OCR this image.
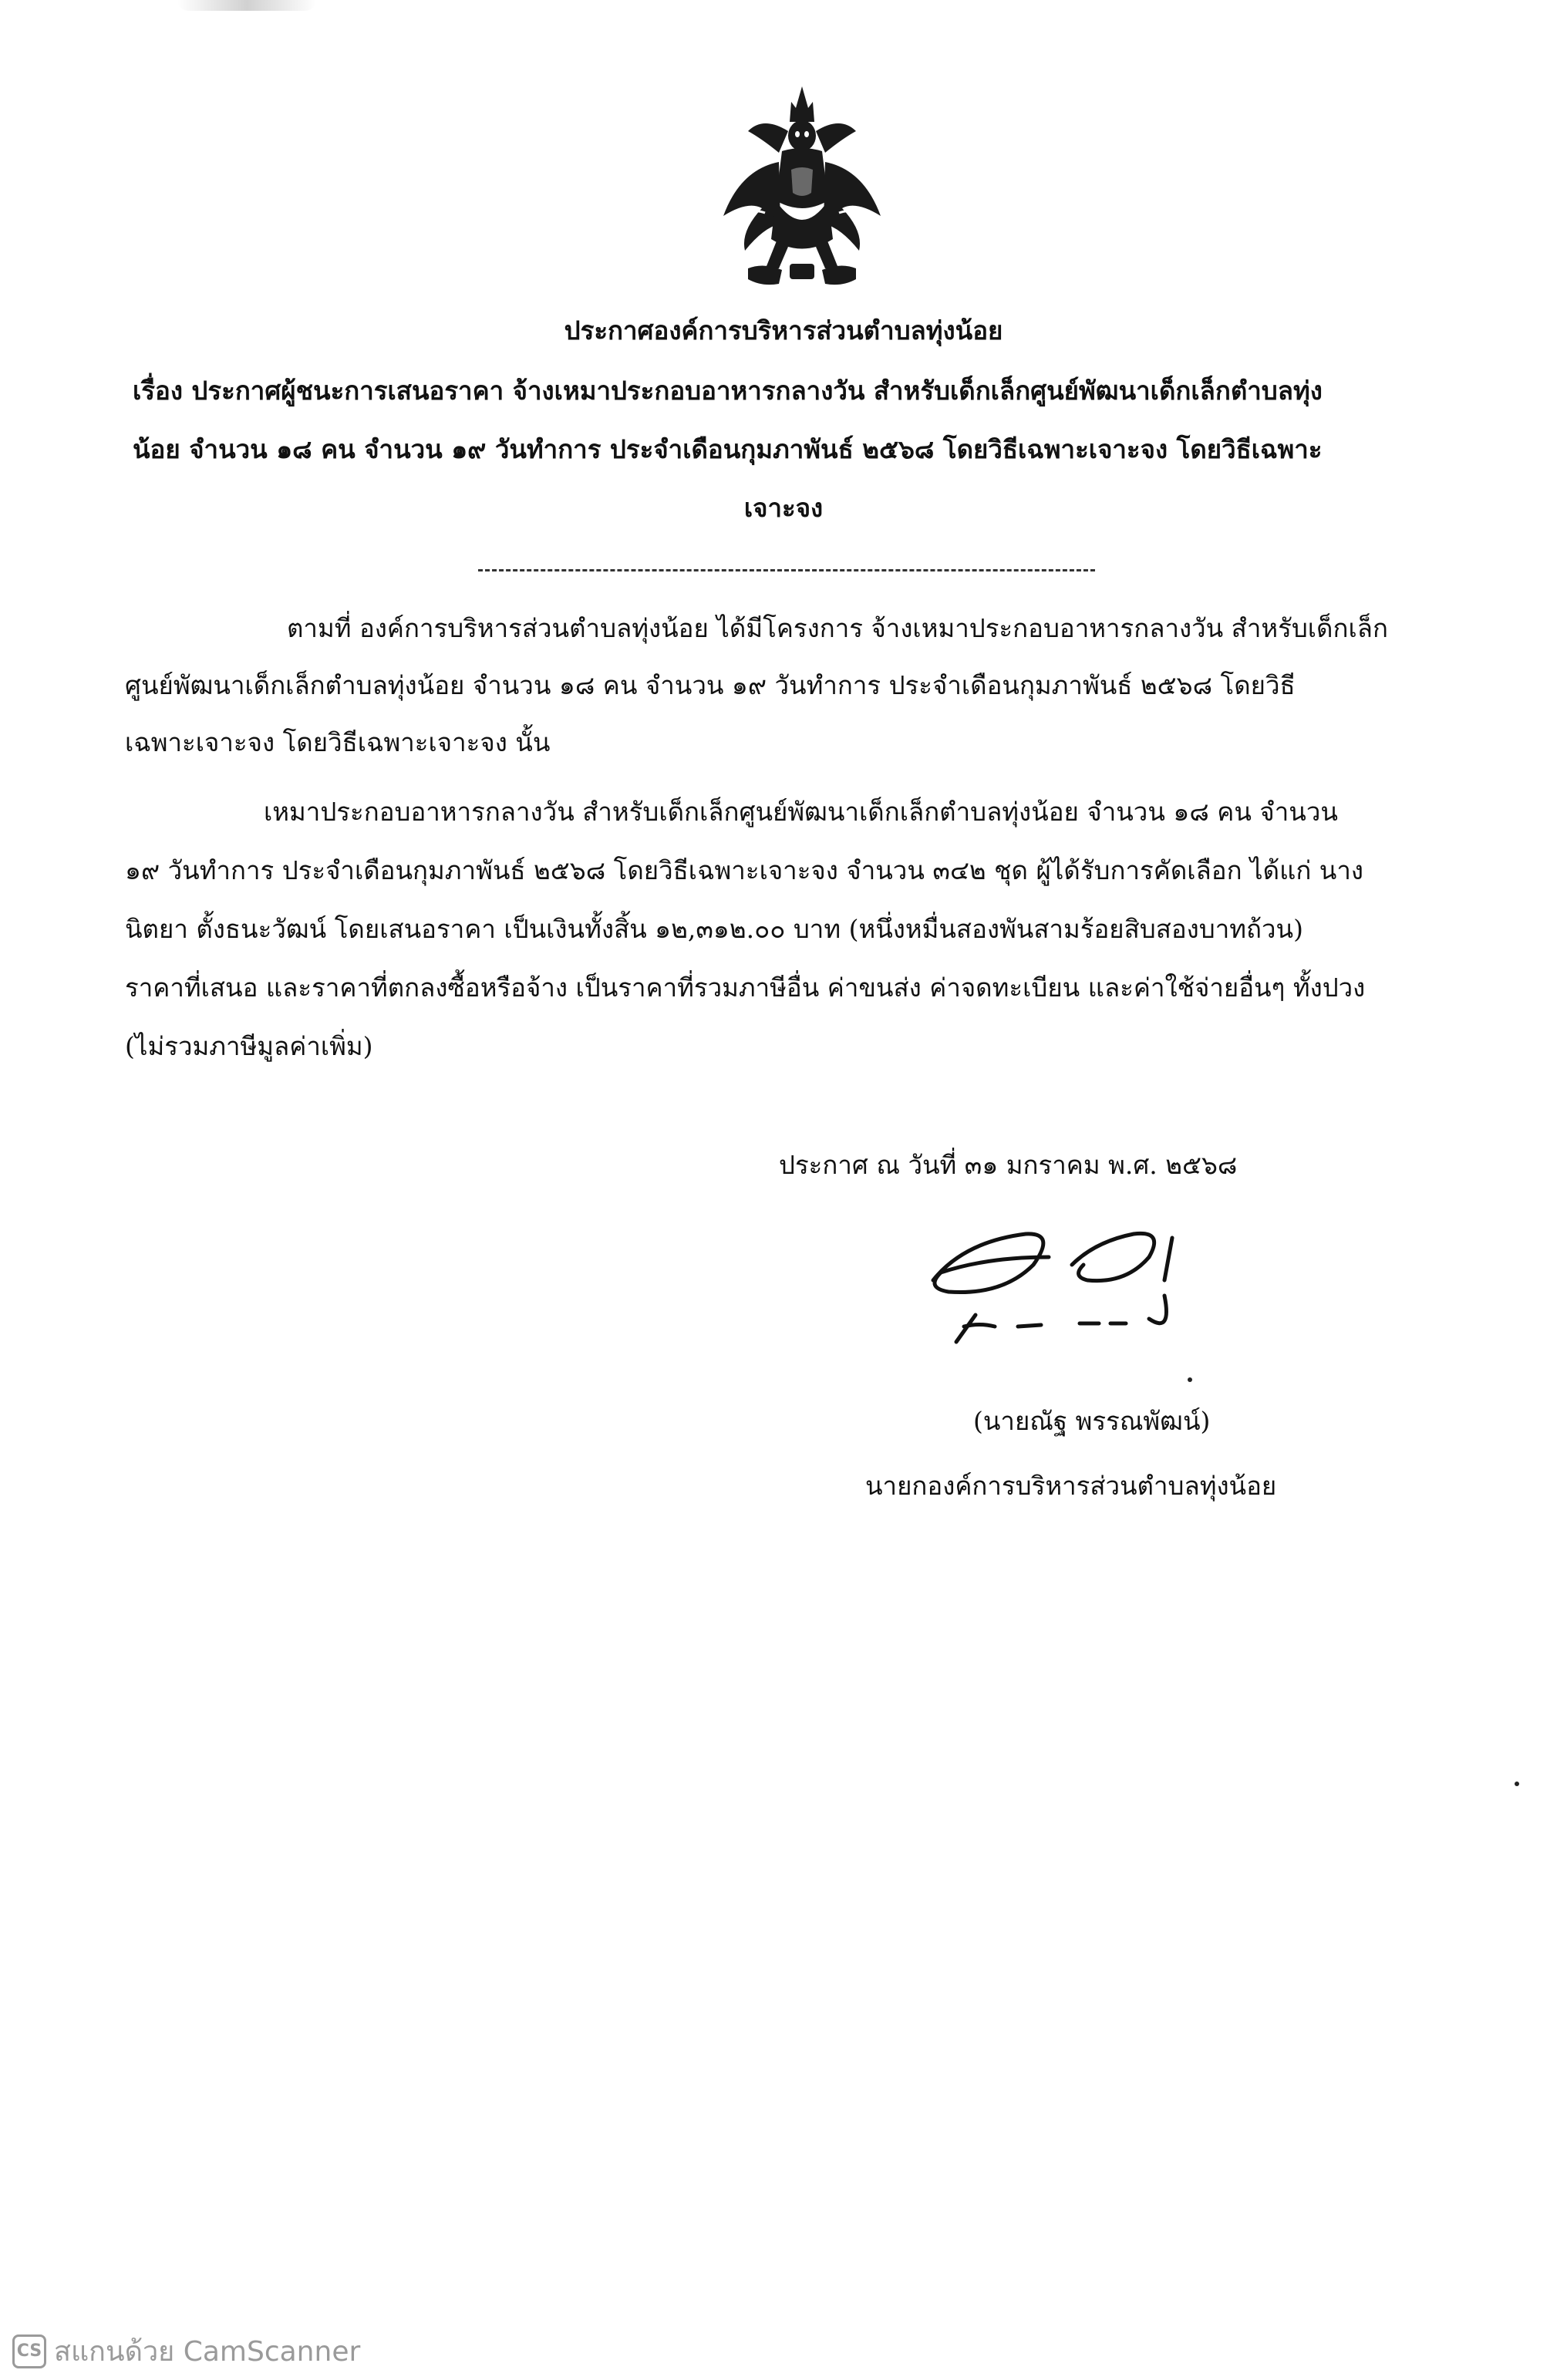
ประกาศองค์การบริหารส่วนตำบลทุ่งน้อย
เรื่อง ประกาศผู้ชนะการเสนอราคา จ้างเหมาประกอบอาหารกลางวัน สำหรับเด็กเล็กศูนย์พัฒนาเด็กเล็กตำบลทุ่ง
น้อย จำนวน ๑๘ คน จำนวน ๑๙ วันทำการ ประจำเดือนกุมภาพันธ์ ๒๕๖๘ โดยวิธีเฉพาะเจาะจง โดยวิธีเฉพาะ
เจาะจง
ตามที่ องค์การบริหารส่วนตำบลทุ่งน้อย ได้มีโครงการ จ้างเหมาประกอบอาหารกลางวัน สำหรับเด็กเล็ก
ศูนย์พัฒนาเด็กเล็กตำบลทุ่งน้อย จำนวน ๑๘ คน จำนวน ๑๙ วันทำการ ประจำเดือนกุมภาพันธ์ ๒๕๖๘ โดยวิธี
เฉพาะเจาะจง โดยวิธีเฉพาะเจาะจง นั้น
เหมาประกอบอาหารกลางวัน สำหรับเด็กเล็กศูนย์พัฒนาเด็กเล็กตำบลทุ่งน้อย จำนวน ๑๘ คน จำนวน
๑๙ วันทำการ ประจำเดือนกุมภาพันธ์ ๒๕๖๘ โดยวิธีเฉพาะเจาะจง จำนวน ๓๔๒ ชุด ผู้ได้รับการคัดเลือก ได้แก่ นาง
นิตยา ตั้งธนะวัฒน์ โดยเสนอราคา เป็นเงินทั้งสิ้น ๑๒,๓๑๒.๐๐ บาท (หนึ่งหมื่นสองพันสามร้อยสิบสองบาทถ้วน)
ราคาที่เสนอ และราคาที่ตกลงซื้อหรือจ้าง เป็นราคาที่รวมภาษีอื่น ค่าขนส่ง ค่าจดทะเบียน และค่าใช้จ่ายอื่นๆ ทั้งปวง
(ไม่รวมภาษีมูลค่าเพิ่ม)
ประกาศ ณ วันที่ ๓๑ มกราคม พ.ศ. ๒๕๖๘
(นายณัฐ พรรณพัฒน์)
นายกองค์การบริหารส่วนตำบลทุ่งน้อย
CS สแกนด้วย CamScanner
